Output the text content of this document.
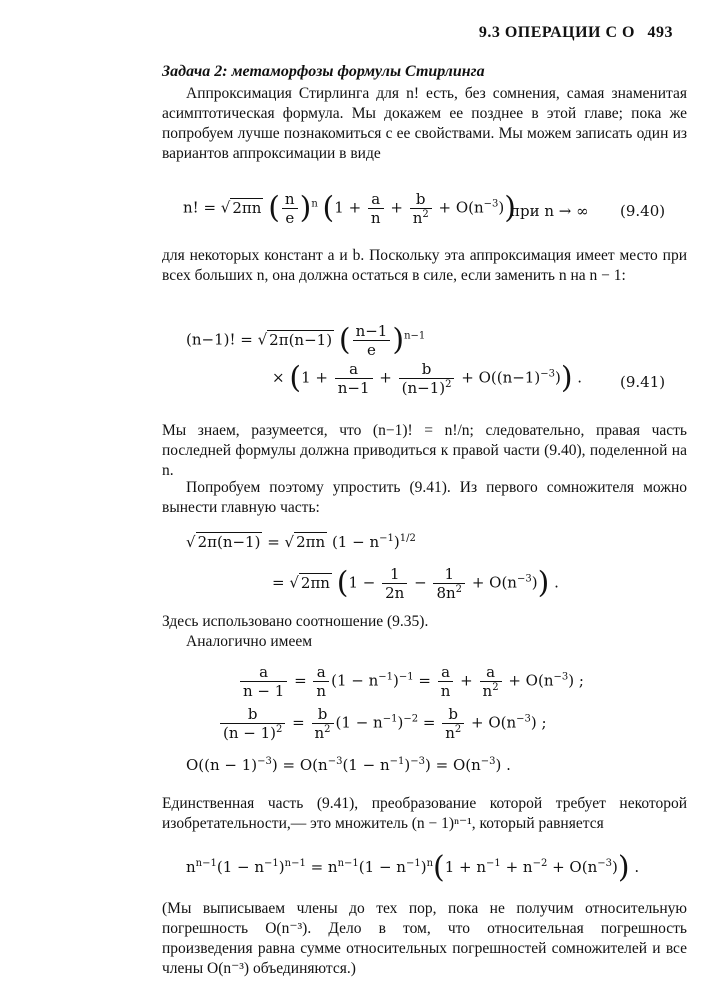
9.3 ОПЕРАЦИИ С O 493

Задача 2: метаморфозы формулы Стирлинга

Аппроксимация Стирлинга для n! есть, без сомнения, самая знаменитая асимптотическая формула. Мы докажем ее позднее в этой главе; пока же попробуем лучше познакомиться с ее свойствами. Мы можем записать один из вариантов аппроксимации в виде

n! = √ 2πn ( $\frac{n}{e} )^n$ $(1 + \frac{a}{n} + \frac{b}{n^2} + O(n^{-3}))$
при n → ∞ (9.40)

для некоторых констант a и b. Поскольку эта аппроксимация имеет место при всех больших n, она должна остаться в силе, если заменить n на n − 1:

(n−1)! = √ 2π(n−1) ( $\frac{n-1}{e} )^{n-1}$
× $(1 + \frac{a}{n-1} + \frac{b}{(n-1)^2} + O((n-1)^{-3}))$ .	(9.41)

Мы знаем, разумеется, что (n−1)! = n!/n; следовательно, правая часть последней формулы должна приводиться к правой части (9.40), поделенной на n.

Попробуем поэтому упростить (9.41). Из первого сомножителя можно вынести главную часть:

√ 2π(n−1) = √ 2πn $(1 - n^{-1})^{1/2}$
= √ 2πn $(1 - \frac{1}{2n} - \frac{1}{8n^2} + O(n^{-3}))$ .

Здесь использовано соотношение (9.35).

Аналогично имеем

$\frac{a}{n - 1} = \frac{a}{n} (1 - n^{-1})^{-1} = \frac{a}{n} + \frac{a}{n^2} + O(n^{-3})$ ;
$\frac{b}{(n - 1)^2} = \frac{b}{n^2} (1 - n^{-1})^{-2} = \frac{b}{n^2} + O(n^{-3})$ ;
$O((n - 1)^{-3}) = O(n^{-3}(1 - n^{-1})^{-3}) = O(n^{-3})$ .

Единственная часть (9.41), преобразование которой требует некоторой изобретательности,— это множитель (n − 1)ⁿ⁻¹, который равняется

$n^{n-1}(1 - n^{-1})^{n-1} = n^{n-1}(1 - n^{-1})^n(1 + n^{-1} + n^{-2} + O(n^{-3}))$ .

(Мы выписываем члены до тех пор, пока не получим относительную погрешность O(n⁻³). Дело в том, что относительная погрешность произведения равна сумме относительных погрешностей сомножителей и все члены O(n⁻³) объединяются.)
